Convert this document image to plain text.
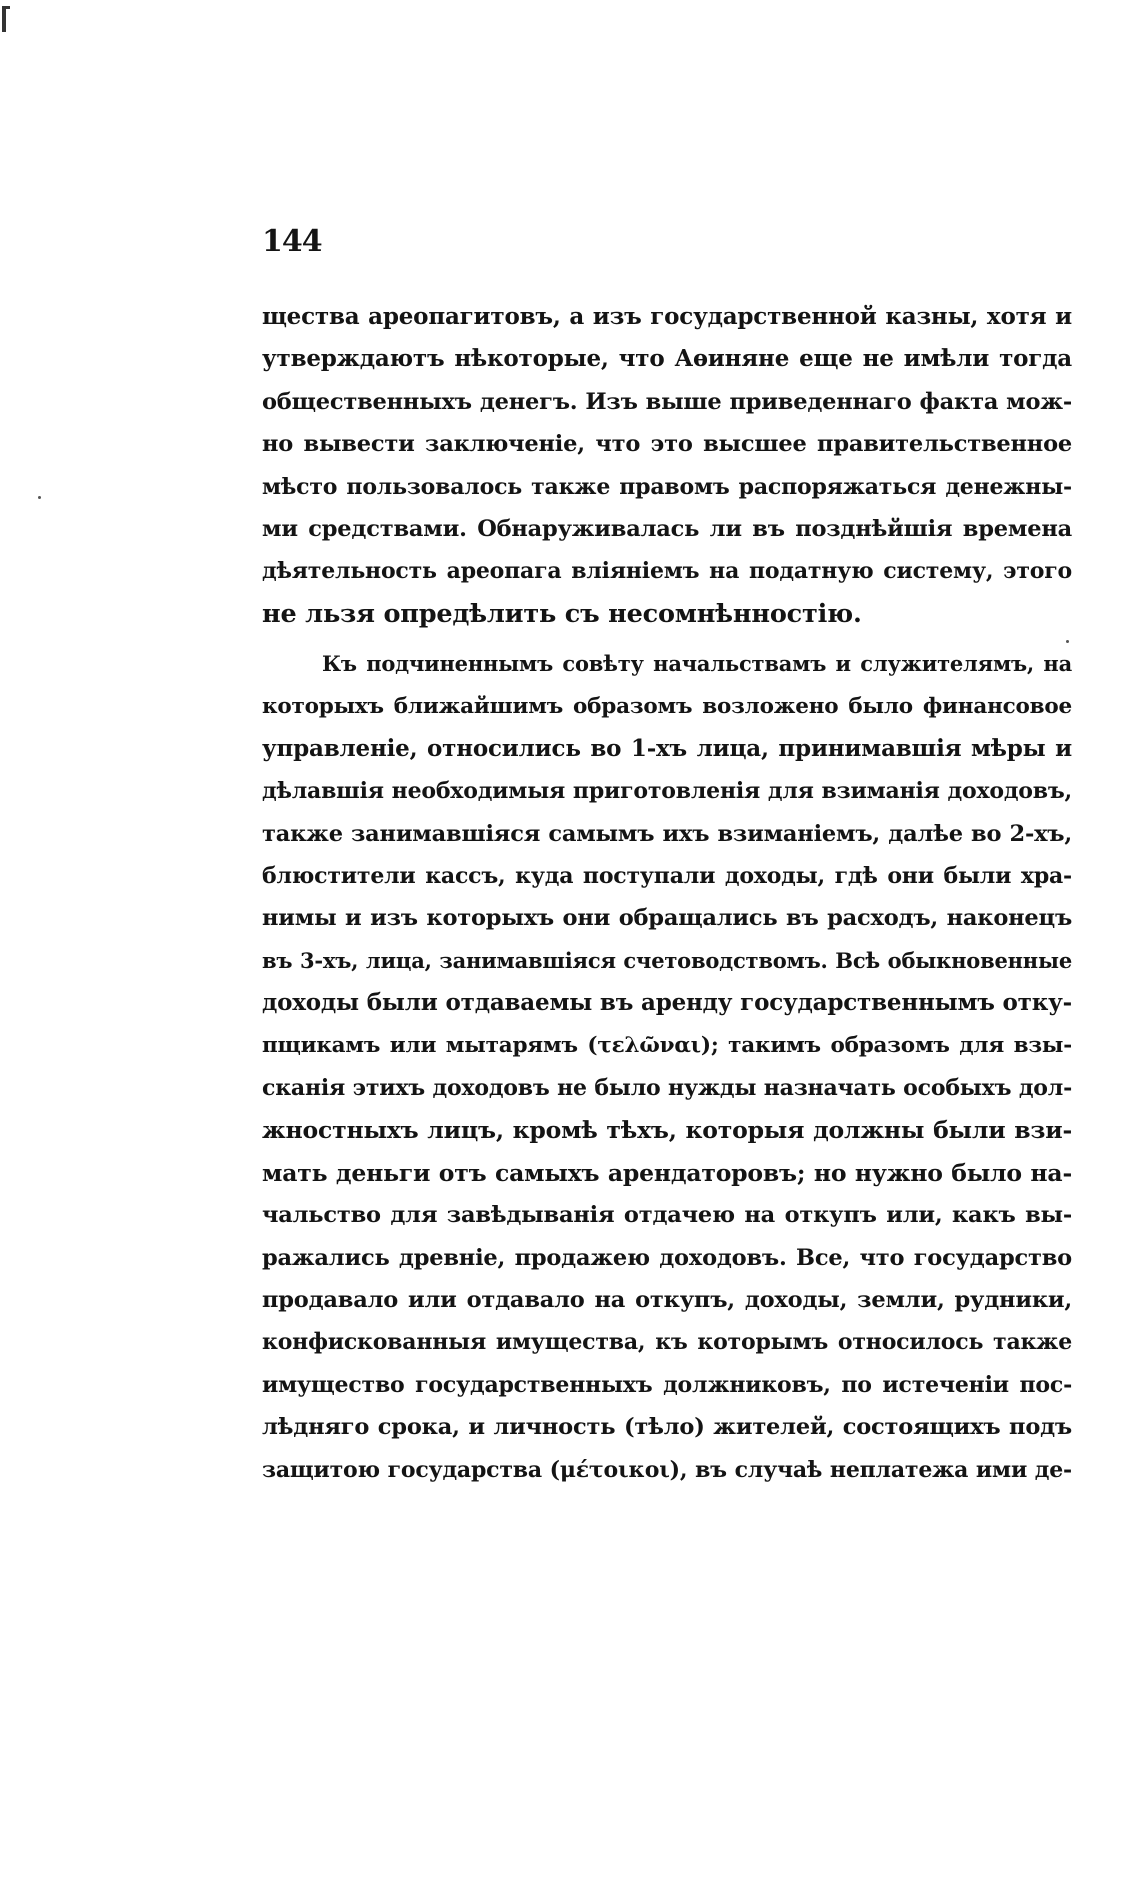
144
щества ареопагитовъ, а изъ государственной казны, хотя и
утверждаютъ нѣкоторые, что Аѳиняне еще не имѣли тогда
общественныхъ денегъ. Изъ выше приведеннаго факта мож-
но вывести заключеніе, что это высшее правительственное
мѣсто пользовалось также правомъ распоряжаться денежны-
ми средствами. Обнаруживалась ли въ позднѣйшія времена
дѣятельность ареопага вліяніемъ на податную систему, этого
не льзя опредѣлить съ несомнѣнностію.
Къ подчиненнымъ совѣту начальствамъ и служителямъ, на
которыхъ ближайшимъ образомъ возложено было финансовое
управленіе, относились во 1-хъ лица, принимавшія мѣры и
дѣлавшія необходимыя приготовленія для взиманія доходовъ,
также занимавшіяся самымъ ихъ взиманіемъ, далѣе во 2-хъ,
блюстители кассъ, куда поступали доходы, гдѣ они были хра-
нимы и изъ которыхъ они обращались въ расходъ, наконецъ
въ 3-хъ, лица, занимавшіяся счетоводствомъ. Всѣ обыкновенные
доходы были отдаваемы въ аренду государственнымъ отку-
пщикамъ или мытарямъ (τελῶναι); такимъ образомъ для взы-
сканія этихъ доходовъ не было нужды назначать особыхъ дол-
жностныхъ лицъ, кромѣ тѣхъ, которыя должны были взи-
мать деньги отъ самыхъ арендаторовъ; но нужно было на-
чальство для завѣдыванія отдачею на откупъ или, какъ вы-
ражались древніе, продажею доходовъ. Все, что государство
продавало или отдавало на откупъ, доходы, земли, рудники,
конфискованныя имущества, къ которымъ относилось также
имущество государственныхъ должниковъ, по истеченіи пос-
лѣдняго срока, и личность (тѣло) жителей, состоящихъ подъ
защитою государства (μέτοικοι), въ случаѣ неплатежа ими де-
